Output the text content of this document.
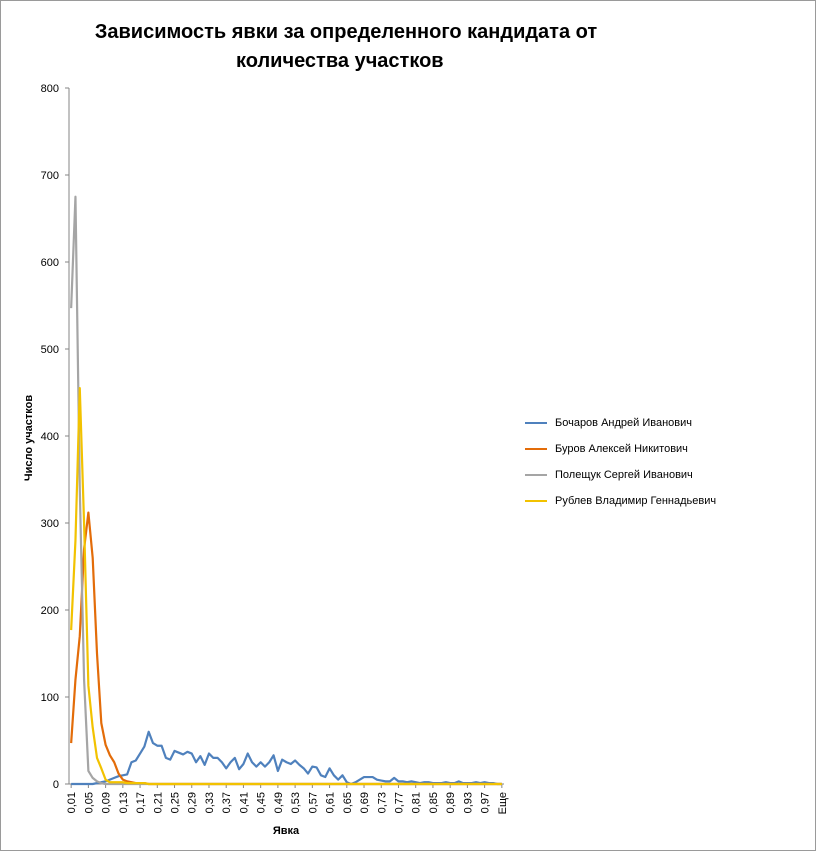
Зависимость явки за определенного кандидата от
количества участков
0
100
200
300
400
500
600
700
800
0,01 0,05 0,09 0,13 0,17 0,21 0,25 0,29 0,33 0,37 0,41 0,45 0,49 0,53 0,57 0,61 0,65 0,69 0,73 0,77 0,81 0,85 0,89 0,93 0,97 Еще
Число участков
Явка
Бочаров Андрей Иванович
Буров Алексей Никитович
Полещук Сергей Иванович
Рублев Владимир Геннадьевич
